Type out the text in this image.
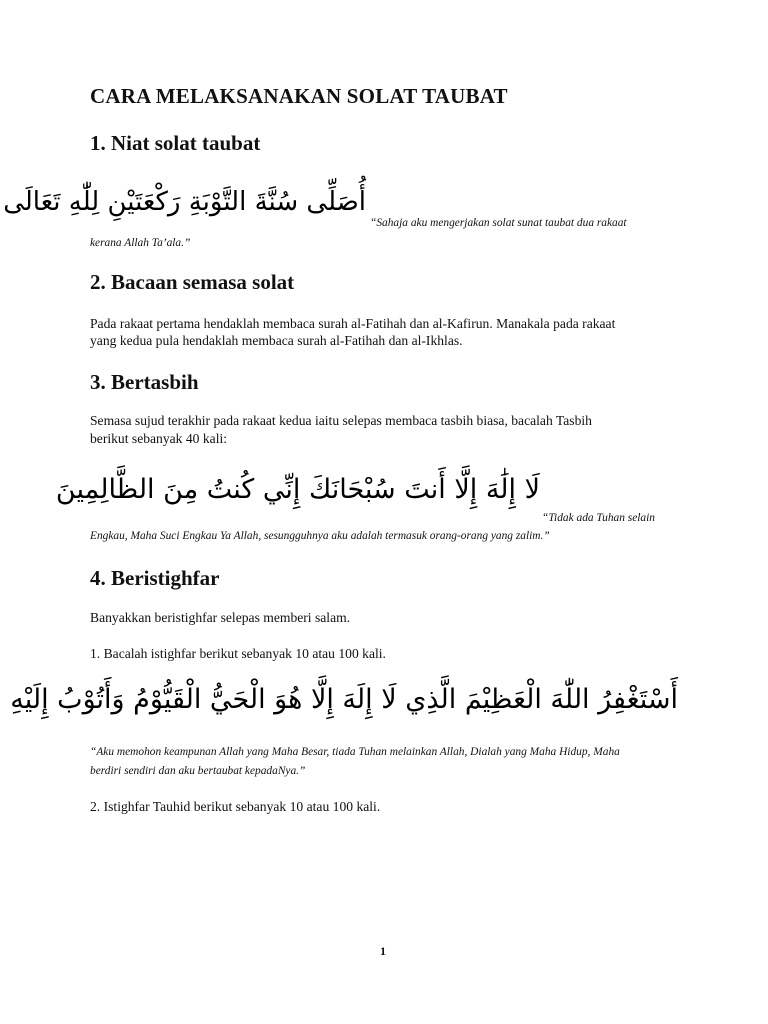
CARA MELAKSANAKAN SOLAT TAUBAT
1. Niat solat taubat
أُصَلِّى سُنَّةَ التَّوْبَةِ رَكْعَتَيْنِ لِلّٰهِ تَعَالَى
“Sahaja aku mengerjakan solat sunat taubat dua rakaat
kerana Allah Ta’ala.”
2. Bacaan semasa solat

Pada rakaat pertama hendaklah membaca surah al-Fatihah dan al-Kafirun. Manakala pada rakaat

yang kedua pula hendaklah membaca surah al-Fatihah dan al-Ikhlas.

3. Bertasbih

Semasa sujud terakhir pada rakaat kedua iaitu selepas membaca tasbih biasa, bacalah Tasbih

berikut sebanyak 40 kali:

لَا إِلَٰهَ إِلَّا أَنتَ سُبْحَانَكَ إِنِّي كُنتُ مِنَ الظَّالِمِينَ
“Tidak ada Tuhan selain
Engkau, Maha Suci Engkau Ya Allah, sesungguhnya aku adalah termasuk orang-orang yang zalim.”
4. Beristighfar

Banyakkan beristighfar selepas memberi salam.

1. Bacalah istighfar berikut sebanyak 10 atau 100 kali.

أَسْتَغْفِرُ اللّٰهَ الْعَظِيْمَ الَّذِي لَا إِلَهَ إِلَّا هُوَ الْحَيُّ الْقَيُّوْمُ وَأَتُوْبُ إِلَيْهِ
“Aku memohon keampunan Allah yang Maha Besar, tiada Tuhan melainkan Allah, Dialah yang Maha Hidup, Maha
berdiri sendiri dan aku bertaubat kepadaNya.”

2. Istighfar Tauhid berikut sebanyak 10 atau 100 kali.

1
